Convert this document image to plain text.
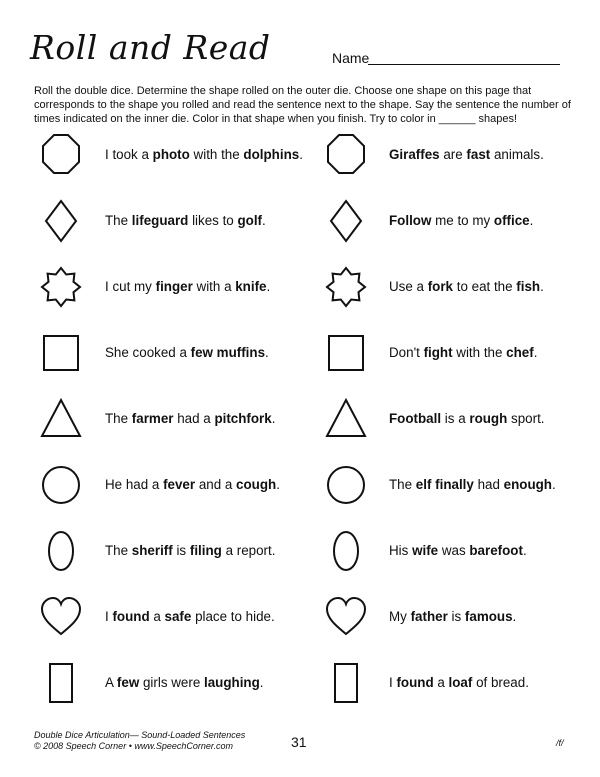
Roll and Read	Name
Roll the double dice. Determine the shape rolled on the outer die. Choose one shape on this page that corresponds to the shape you rolled and read the sentence next to the shape. Say the sentence the number of times indicated on the inner die. Color in that shape when you finish. Try to color in ______ shapes!
I took a photo with the dolphins.	Giraffes are fast animals.
The lifeguard likes to golf.	Follow me to my office.
I cut my finger with a knife.	Use a fork to eat the fish.
She cooked a few muffins.	Don't fight with the chef.
The farmer had a pitchfork.	Football is a rough sport.
He had a fever and a cough.	The elf finally had enough.
The sheriff is filing a report.	His wife was barefoot.
I found a safe place to hide.	My father is famous.
A few girls were laughing.	I found a loaf of bread.
Double Dice Articulation— Sound-Loaded Sentences
© 2008 Speech Corner • www.SpeechCorner.com	31	/f/
